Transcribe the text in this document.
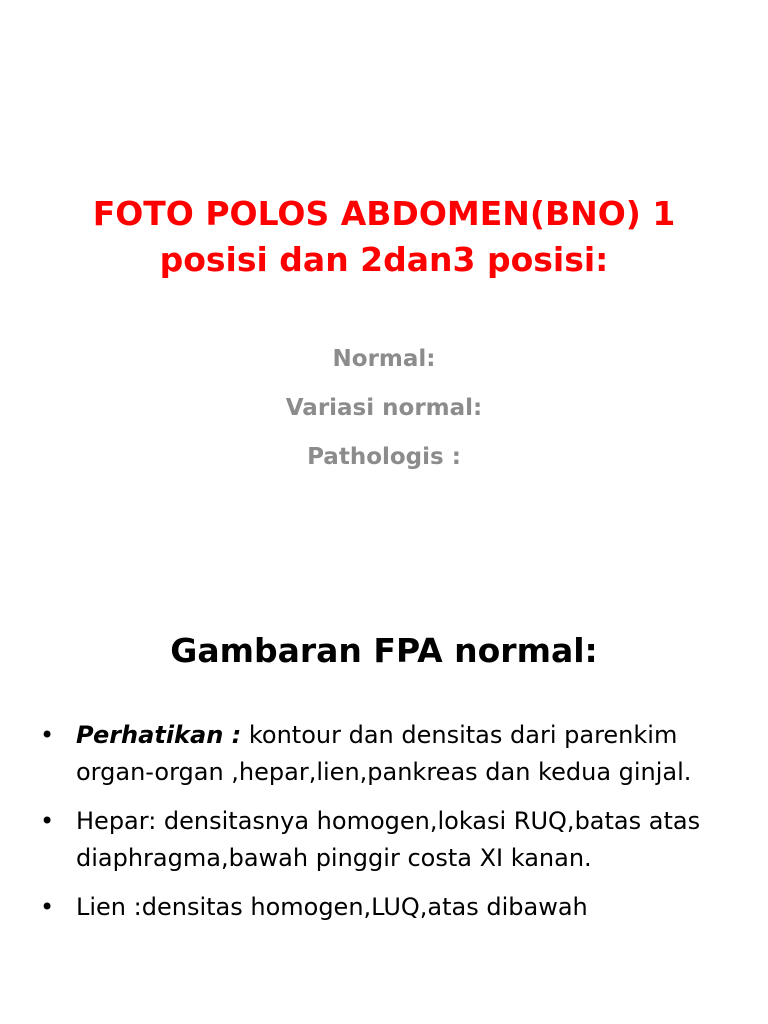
FOTO POLOS ABDOMEN(BNO) 1
posisi dan 2dan3 posisi:
Normal:
Variasi normal:
Pathologis :
Gambaran FPA normal:
• Perhatikan : kontour dan densitas dari parenkim organ-organ ,hepar,lien,pankreas dan kedua ginjal.
• Hepar: densitasnya homogen,lokasi RUQ,batas atas diaphragma,bawah pinggir costa XI kanan.
• Lien :densitas homogen,LUQ,atas dibawah
